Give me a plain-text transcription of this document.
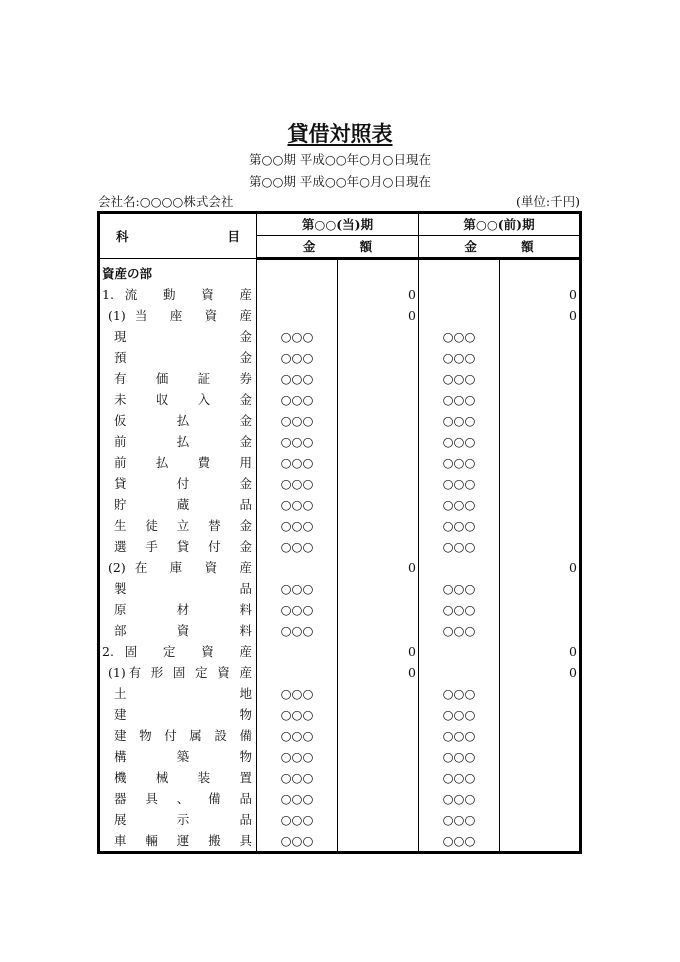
貸借対照表
第○○期 平成○○年○月○日現在
第○○期 平成○○年○月○日現在
会社名:○○○○株式会社	(単位:千円)
科目	第○○(当)期		第○○(前)期	
	金 額		金 額	

資産の部				
1.流 動 資 産		0		0
(1)当 座 資 産		0		0
現 金	○○○		○○○	
預 金	○○○		○○○	
有 価 証 券	○○○		○○○	
未 収 入 金	○○○		○○○	
仮 払 金	○○○		○○○	
前 払 金	○○○		○○○	
前 払 費 用	○○○		○○○	
貸 付 金	○○○		○○○	
貯 蔵 品	○○○		○○○	
生 徒 立 替 金	○○○		○○○	
選 手 貸 付 金	○○○		○○○	
(2)在 庫 資 産		0		0
製 品	○○○		○○○	
原 材 料	○○○		○○○	
部 資 料	○○○		○○○	
2.固 定 資 産		0		0
(1)有 形 固 定 資 産		0		0
土 地	○○○		○○○	
建 物	○○○		○○○	
建 物 付 属 設 備	○○○		○○○	
構 築 物	○○○		○○○	
機 械 装 置	○○○		○○○	
器 具 、 備 品	○○○		○○○	
展 示 品	○○○		○○○	
車 輛 運 搬 具	○○○		○○○	
